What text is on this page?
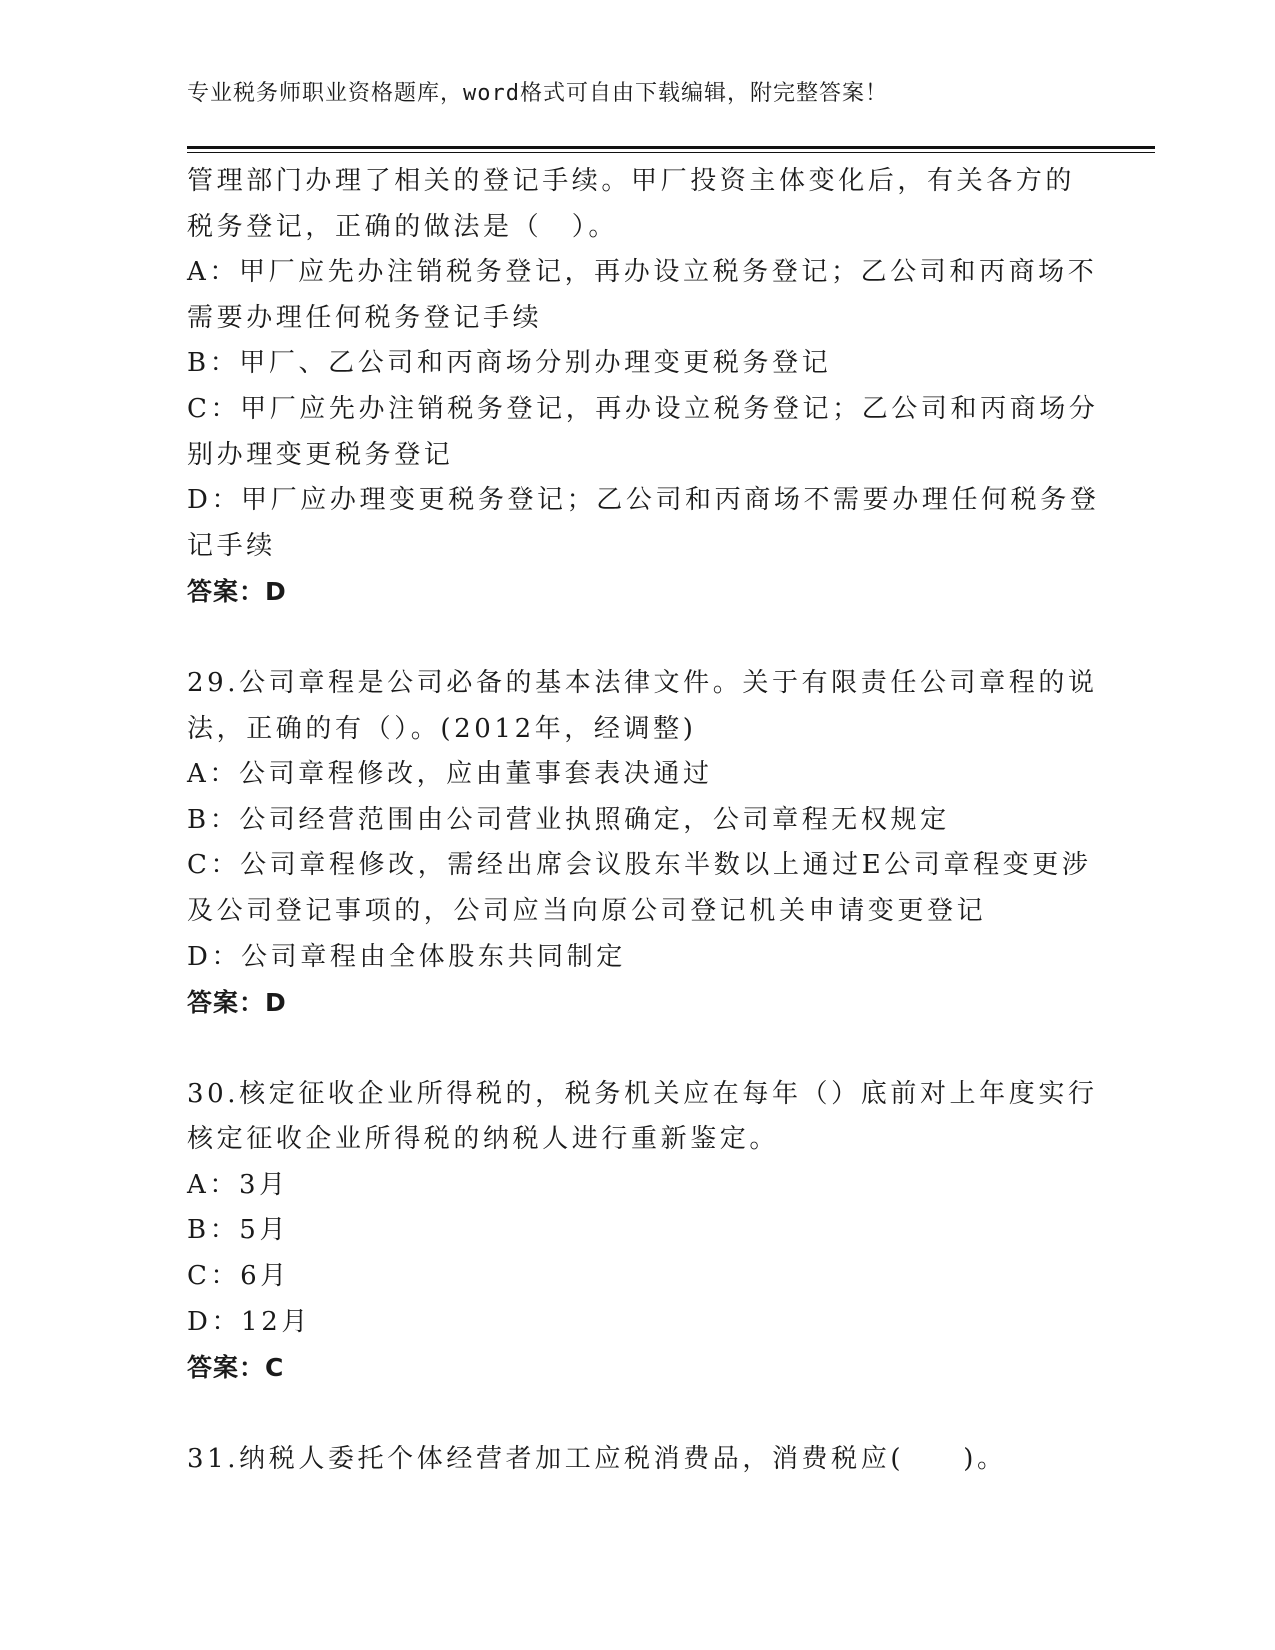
专业税务师职业资格题库，word格式可自由下载编辑，附完整答案！
管理部门办理了相关的登记手续。甲厂投资主体变化后，有关各方的
税务登记，正确的做法是（　）。
A：甲厂应先办注销税务登记，再办设立税务登记；乙公司和丙商场不
需要办理任何税务登记手续
B：甲厂、乙公司和丙商场分别办理变更税务登记
C：甲厂应先办注销税务登记，再办设立税务登记；乙公司和丙商场分
别办理变更税务登记
D：甲厂应办理变更税务登记；乙公司和丙商场不需要办理任何税务登
记手续
答案：D
29.公司章程是公司必备的基本法律文件。关于有限责任公司章程的说
法，正确的有（）。(2012年，经调整)
A：公司章程修改，应由董事套表决通过
B：公司经营范围由公司营业执照确定，公司章程无权规定
C：公司章程修改，需经出席会议股东半数以上通过E公司章程变更涉
及公司登记事项的，公司应当向原公司登记机关申请变更登记
D：公司章程由全体股东共同制定
答案：D
30.核定征收企业所得税的，税务机关应在每年（）底前对上年度实行
核定征收企业所得税的纳税人进行重新鉴定。
A：3月
B：5月
C：6月
D：12月
答案：C
31.纳税人委托个体经营者加工应税消费品，消费税应(　　)。
